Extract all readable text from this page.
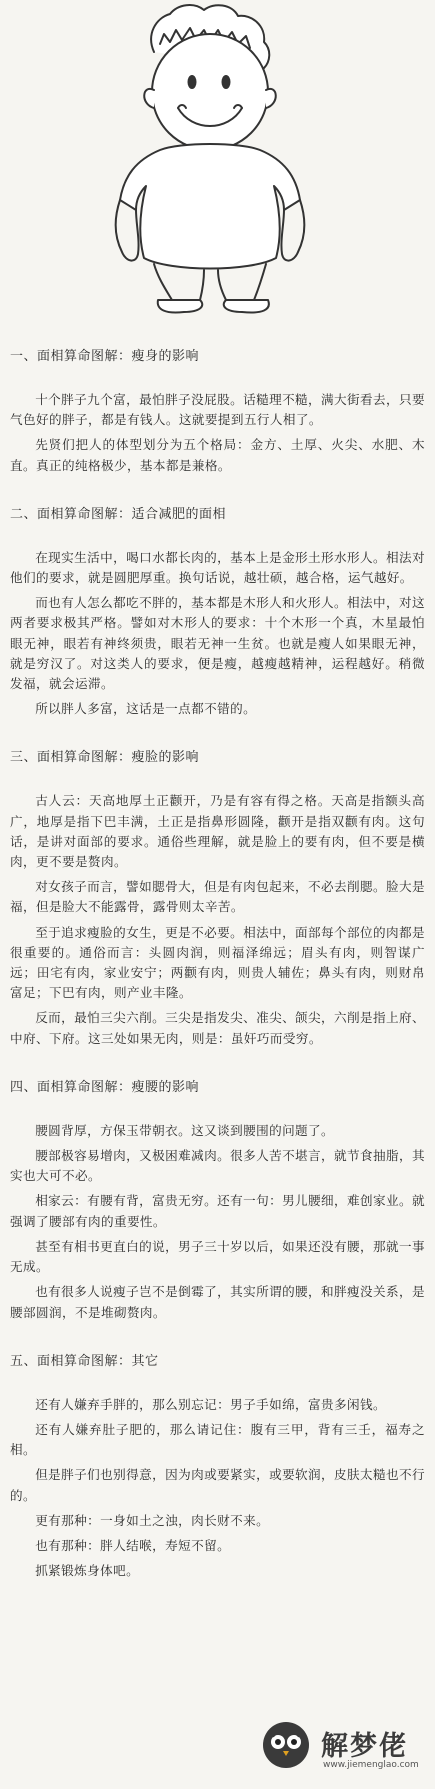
一、面相算命图解：瘦身的影响

十个胖子九个富，最怕胖子没屁股。话糙理不糙，满大街看去，只要气色好的胖子，都是有钱人。这就要提到五行人相了。

先贤们把人的体型划分为五个格局：金方、土厚、火尖、水肥、木直。真正的纯格极少，基本都是兼格。

二、面相算命图解：适合减肥的面相

在现实生活中，喝口水都长肉的，基本上是金形土形水形人。相法对他们的要求，就是圆肥厚重。换句话说，越壮硕，越合格，运气越好。

而也有人怎么都吃不胖的，基本都是木形人和火形人。相法中，对这两者要求极其严格。譬如对木形人的要求：十个木形一个真，木星最怕眼无神，眼若有神终须贵，眼若无神一生贫。也就是瘦人如果眼无神，就是穷汉了。对这类人的要求，便是瘦，越瘦越精神，运程越好。稍微发福，就会运滞。

所以胖人多富，这话是一点都不错的。

三、面相算命图解：瘦脸的影响

古人云：天高地厚土正颧开，乃是有容有得之格。天高是指额头高广，地厚是指下巴丰满，土正是指鼻形圆隆，颧开是指双颧有肉。这句话，是讲对面部的要求。通俗些理解，就是脸上的要有肉，但不要是横肉，更不要是赘肉。

对女孩子而言，譬如腮骨大，但是有肉包起来，不必去削腮。脸大是福，但是脸大不能露骨，露骨则太辛苦。

至于追求瘦脸的女生，更是不必要。相法中，面部每个部位的肉都是很重要的。通俗而言：头圆肉润，则福泽绵远；眉头有肉，则智谋广远；田宅有肉，家业安宁；两颧有肉，则贵人辅佐；鼻头有肉，则财帛富足；下巴有肉，则产业丰隆。

反而，最怕三尖六削。三尖是指发尖、准尖、颌尖，六削是指上府、中府、下府。这三处如果无肉，则是：虽奸巧而受穷。

四、面相算命图解：瘦腰的影响

腰圆背厚，方保玉带朝衣。这又谈到腰围的问题了。

腰部极容易增肉，又极困难减肉。很多人苦不堪言，就节食抽脂，其实也大可不必。

相家云：有腰有背，富贵无穷。还有一句：男儿腰细，难创家业。就强调了腰部有肉的重要性。

甚至有相书更直白的说，男子三十岁以后，如果还没有腰，那就一事无成。

也有很多人说瘦子岂不是倒霉了，其实所谓的腰，和胖瘦没关系，是腰部圆润，不是堆砌赘肉。

五、面相算命图解：其它

还有人嫌弃手胖的，那么别忘记：男子手如绵，富贵多闲钱。

还有人嫌弃肚子肥的，那么请记住：腹有三甲，背有三壬，福寿之相。

但是胖子们也别得意，因为肉或要紧实，或要软润，皮肤太糙也不行的。

更有那种：一身如土之浊，肉长财不来。

也有那种：胖人结喉，寿短不留。

抓紧锻炼身体吧。

解梦佬
www.jiemenglao.com
